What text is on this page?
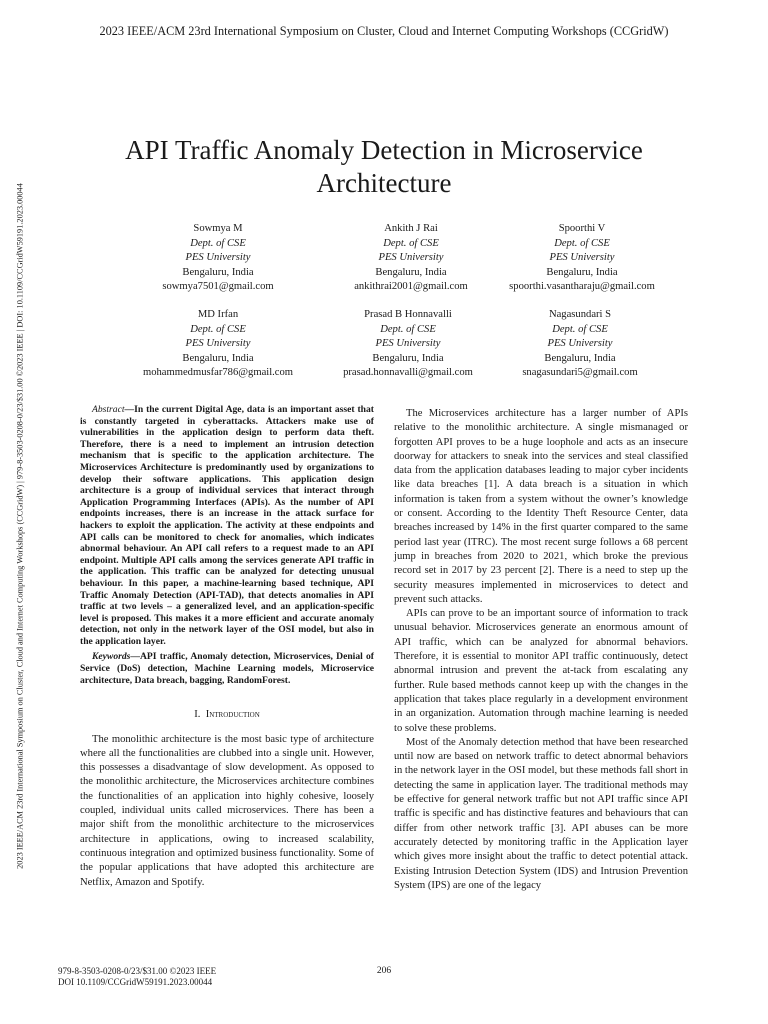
2023 IEEE/ACM 23rd International Symposium on Cluster, Cloud and Internet Computing Workshops (CCGridW)
2023 IEEE/ACM 23rd International Symposium on Cluster, Cloud and Internet Computing Workshops (CCGridW) | 979-8-3503-0208-0/23/$31.00 ©2023 IEEE | DOI: 10.1109/CCGridW59191.2023.00044
API Traffic Anomaly Detection in Microservice
Architecture
Sowmya M
Dept. of CSE
PES University
Bengaluru, India
sowmya7501@gmail.com
Ankith J Rai
Dept. of CSE
PES University
Bengaluru, India
ankithrai2001@gmail.com
Spoorthi V
Dept. of CSE
PES University
Bengaluru, India
spoorthi.vasantharaju@gmail.com
MD Irfan
Dept. of CSE
PES University
Bengaluru, India
mohammedmusfar786@gmail.com
Prasad B Honnavalli
Dept. of CSE
PES University
Bengaluru, India
prasad.honnavalli@gmail.com
Nagasundari S
Dept. of CSE
PES University
Bengaluru, India
snagasundari5@gmail.com

Abstract—In the current Digital Age, data is an important asset that is constantly targeted in cyberattacks. Attackers make use of vulnerabilities in the application design to perform data theft. Therefore, there is a need to implement an intrusion detection mechanism that is specific to the application architecture. The Microservices Architecture is predominantly used by organizations to develop their software applications. This application design architecture is a group of individual services that interact through Application Programming Interfaces (APIs). As the number of API endpoints increases, there is an increase in the attack surface for hackers to exploit the application. The activity at these endpoints and API calls can be monitored to check for anomalies, which indicates abnormal behaviour. An API call refers to a request made to an API endpoint. Multiple API calls among the services generate API traffic in the application. This traffic can be analyzed for detecting unusual behaviour. In this paper, a machine-learning based technique, API Traffic Anomaly Detection (API-TAD), that detects anomalies in API traffic at two levels – a generalized level, and an application-specific level is proposed. This makes it a more efficient and accurate anomaly detection, not only in the network layer of the OSI model, but also in the application layer.

Keywords—API traffic, Anomaly detection, Microservices, Denial of Service (DoS) detection, Machine Learning models, Microservice architecture, Data breach, bagging, RandomForest.

I. Introduction

The monolithic architecture is the most basic type of architecture where all the functionalities are clubbed into a single unit. However, this possesses a disadvantage of slow development. As opposed to the monolithic architecture, the Microservices architecture combines the functionalities of an application into highly cohesive, loosely coupled, individual units called microservices. There has been a major shift from the monolithic architecture to the microservices architecture in applications, owing to increased scalability, continuous integration and optimized business functionality. Some of the popular applications that have adopted this architecture are Netflix, Amazon and Spotify.

The Microservices architecture has a larger number of APIs relative to the monolithic architecture. A single mismanaged or forgotten API proves to be a huge loophole and acts as an insecure doorway for attackers to sneak into the services and steal classified data from the application databases leading to major cyber incidents like data breaches [1]. A data breach is a situation in which information is taken from a system without the owner’s knowledge or consent. According to the Identity Theft Resource Center, data breaches increased by 14% in the first quarter compared to the same period last year (ITRC). The most recent surge follows a 68 percent jump in breaches from 2020 to 2021, which broke the previous record set in 2017 by 23 percent [2]. There is a need to step up the security measures implemented in microservices to detect and prevent such attacks.

APIs can prove to be an important source of information to track unusual behavior. Microservices generate an enormous amount of API traffic, which can be analyzed for abnormal behaviors. Therefore, it is essential to monitor API traffic continuously, detect abnormal intrusion and prevent the at-tack from escalating any further. Rule based methods cannot keep up with the changes in the application that takes place regularly in a development environment in an organization. Automation through machine learning is needed to solve these problems.

Most of the Anomaly detection method that have been researched until now are based on network traffic to detect abnormal behaviors in the network layer in the OSI model, but these methods fall short in detecting the same in application layer. The traditional methods may be effective for general network traffic but not API traffic since API traffic is specific and has distinctive features and behaviours that can differ from other network traffic [3]. API abuses can be more accurately detected by monitoring traffic in the Application layer which gives more insight about the traffic to detect potential attack. Existing Intrusion Detection System (IDS) and Intrusion Prevention System (IPS) are one of the legacy

979-8-3503-0208-0/23/$31.00 ©2023 IEEE
DOI 10.1109/CCGridW59191.2023.00044
206
